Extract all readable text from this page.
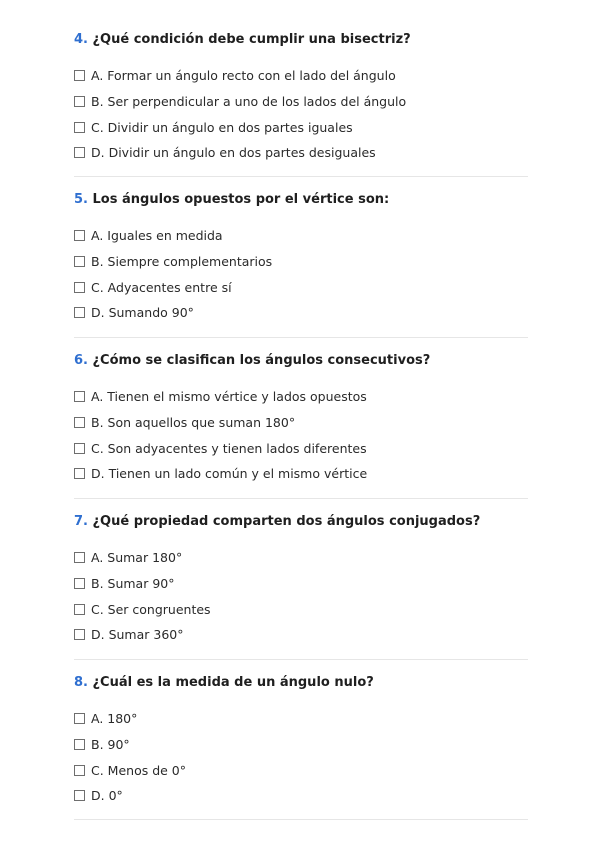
4. ¿Qué condición debe cumplir una bisectriz?
A. Formar un ángulo recto con el lado del ángulo
B. Ser perpendicular a uno de los lados del ángulo
C. Dividir un ángulo en dos partes iguales
D. Dividir un ángulo en dos partes desiguales
5. Los ángulos opuestos por el vértice son:
A. Iguales en medida
B. Siempre complementarios
C. Adyacentes entre sí
D. Sumando 90°
6. ¿Cómo se clasifican los ángulos consecutivos?
A. Tienen el mismo vértice y lados opuestos
B. Son aquellos que suman 180°
C. Son adyacentes y tienen lados diferentes
D. Tienen un lado común y el mismo vértice
7. ¿Qué propiedad comparten dos ángulos conjugados?
A. Sumar 180°
B. Sumar 90°
C. Ser congruentes
D. Sumar 360°
8. ¿Cuál es la medida de un ángulo nulo?
A. 180°
B. 90°
C. Menos de 0°
D. 0°
